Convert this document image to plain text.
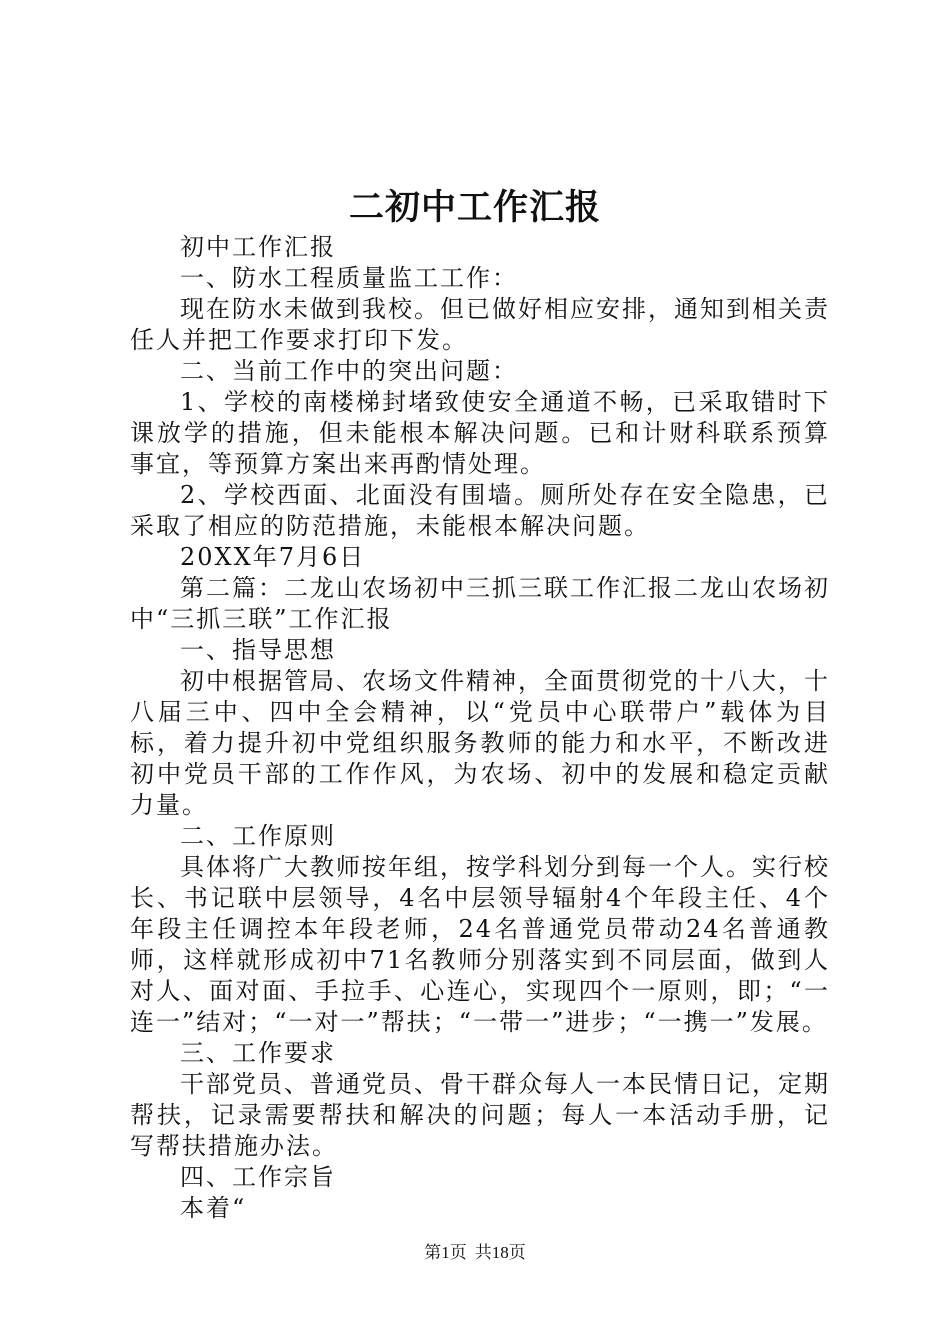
二初中工作汇报

初中工作汇报

一、防水工程质量监工工作：

现在防水未做到我校。但已做好相应安排，通知到相关责任人并把工作要求打印下发。

二、当前工作中的突出问题：

1、学校的南楼梯封堵致使安全通道不畅，已采取错时下课放学的措施，但未能根本解决问题。已和计财科联系预算事宜，等预算方案出来再酌情处理。

2、学校西面、北面没有围墙。厕所处存在安全隐患，已采取了相应的防范措施，未能根本解决问题。

20XX年7月6日

第二篇：二龙山农场初中三抓三联工作汇报二龙山农场初中“三抓三联”工作汇报

一、指导思想

初中根据管局、农场文件精神，全面贯彻党的十八大，十八届三中、四中全会精神，以“党员中心联带户”载体为目标，着力提升初中党组织服务教师的能力和水平，不断改进初中党员干部的工作作风，为农场、初中的发展和稳定贡献力量。

二、工作原则

具体将广大教师按年组，按学科划分到每一个人。实行校长、书记联中层领导，4名中层领导辐射4个年段主任、4个年段主任调控本年段老师，24名普通党员带动24名普通教师，这样就形成初中71名教师分别落实到不同层面，做到人对人、面对面、手拉手、心连心，实现四个一原则，即；“一连一”结对；“一对一”帮扶；“一带一”进步；“一携一”发展。

三、工作要求

干部党员、普通党员、骨干群众每人一本民情日记，定期帮扶，记录需要帮扶和解决的问题；每人一本活动手册，记写帮扶措施办法。

四、工作宗旨

本着“

第1页 共18页
